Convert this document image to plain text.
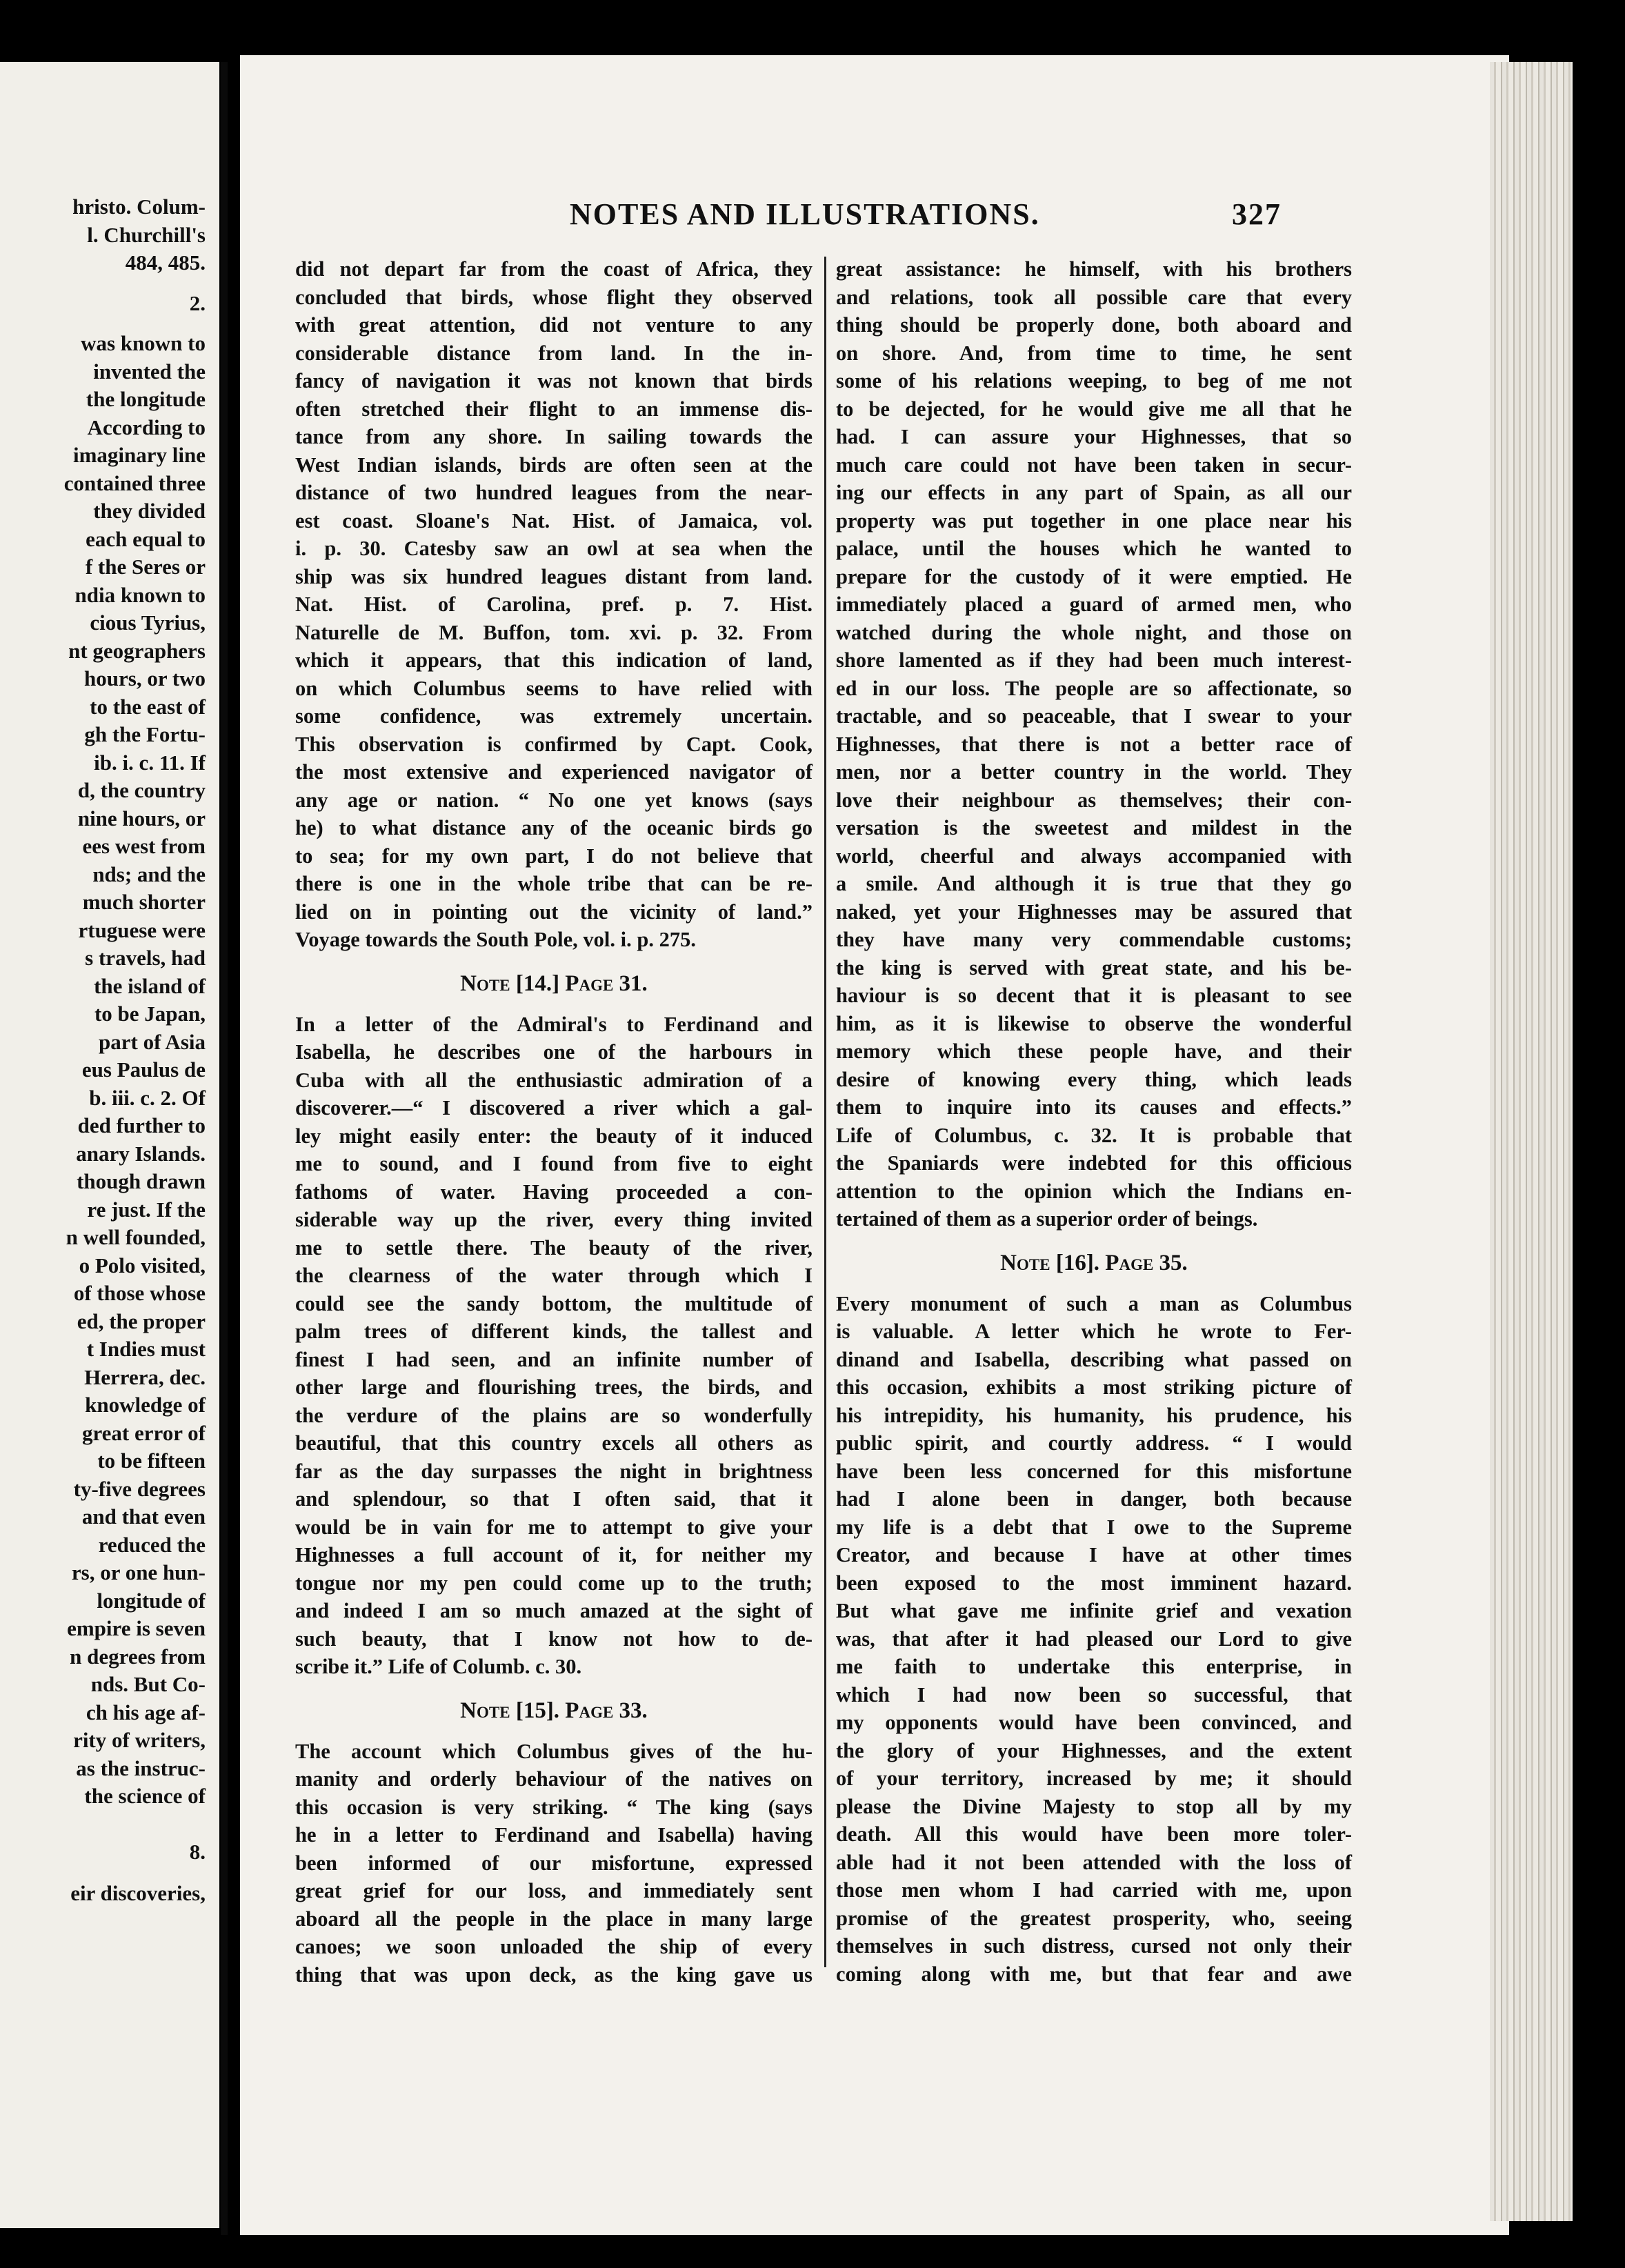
hristo. Colum-
l. Churchill's
484, 485.
2.
was known to
invented the
the longitude
According to
imaginary line
contained three
they divided
each equal to
f the Seres or
ndia known to
cious Tyrius,
nt geographers
hours, or two
to the east of
gh the Fortu-
ib. i. c. 11. If
d, the country
nine hours, or
ees west from
nds; and the
much shorter
rtuguese were
s travels, had
the island of
to be Japan,
part of Asia
eus Paulus de
b. iii. c. 2. Of
ded further to
anary Islands.
though drawn
re just. If the
n well founded,
o Polo visited,
of those whose
ed, the proper
t Indies must
Herrera, dec.
knowledge of
great error of
to be fifteen
ty-five degrees
and that even
reduced the
rs, or one hun-
longitude of
empire is seven
n degrees from
nds. But Co-
ch his age af-
rity of writers,
as the instruc-
the science of
8.
eir discoveries,
NOTES AND ILLUSTRATIONS.	327
did not depart far from the coast of Africa, they
concluded that birds, whose flight they observed
with great attention, did not venture to any
considerable distance from land. In the in-
fancy of navigation it was not known that birds
often stretched their flight to an immense dis-
tance from any shore. In sailing towards the
West Indian islands, birds are often seen at the
distance of two hundred leagues from the near-
est coast. Sloane's Nat. Hist. of Jamaica, vol.
i. p. 30. Catesby saw an owl at sea when the
ship was six hundred leagues distant from land.
Nat. Hist. of Carolina, pref. p. 7. Hist.
Naturelle de M. Buffon, tom. xvi. p. 32. From
which it appears, that this indication of land,
on which Columbus seems to have relied with
some confidence, was extremely uncertain.
This observation is confirmed by Capt. Cook,
the most extensive and experienced navigator of
any age or nation. “ No one yet knows (says
he) to what distance any of the oceanic birds go
to sea; for my own part, I do not believe that
there is one in the whole tribe that can be re-
lied on in pointing out the vicinity of land.”
Voyage towards the South Pole, vol. i. p. 275.
Note [14.] Page 31.
In a letter of the Admiral's to Ferdinand and
Isabella, he describes one of the harbours in
Cuba with all the enthusiastic admiration of a
discoverer.—“ I discovered a river which a gal-
ley might easily enter: the beauty of it induced
me to sound, and I found from five to eight
fathoms of water. Having proceeded a con-
siderable way up the river, every thing invited
me to settle there. The beauty of the river,
the clearness of the water through which I
could see the sandy bottom, the multitude of
palm trees of different kinds, the tallest and
finest I had seen, and an infinite number of
other large and flourishing trees, the birds, and
the verdure of the plains are so wonderfully
beautiful, that this country excels all others as
far as the day surpasses the night in brightness
and splendour, so that I often said, that it
would be in vain for me to attempt to give your
Highnesses a full account of it, for neither my
tongue nor my pen could come up to the truth;
and indeed I am so much amazed at the sight of
such beauty, that I know not how to de-
scribe it.” Life of Columb. c. 30.
Note [15]. Page 33.
The account which Columbus gives of the hu-
manity and orderly behaviour of the natives on
this occasion is very striking. “ The king (says
he in a letter to Ferdinand and Isabella) having
been informed of our misfortune, expressed
great grief for our loss, and immediately sent
aboard all the people in the place in many large
canoes; we soon unloaded the ship of every
thing that was upon deck, as the king gave us
great assistance: he himself, with his brothers
and relations, took all possible care that every
thing should be properly done, both aboard and
on shore. And, from time to time, he sent
some of his relations weeping, to beg of me not
to be dejected, for he would give me all that he
had. I can assure your Highnesses, that so
much care could not have been taken in secur-
ing our effects in any part of Spain, as all our
property was put together in one place near his
palace, until the houses which he wanted to
prepare for the custody of it were emptied. He
immediately placed a guard of armed men, who
watched during the whole night, and those on
shore lamented as if they had been much interest-
ed in our loss. The people are so affectionate, so
tractable, and so peaceable, that I swear to your
Highnesses, that there is not a better race of
men, nor a better country in the world. They
love their neighbour as themselves; their con-
versation is the sweetest and mildest in the
world, cheerful and always accompanied with
a smile. And although it is true that they go
naked, yet your Highnesses may be assured that
they have many very commendable customs;
the king is served with great state, and his be-
haviour is so decent that it is pleasant to see
him, as it is likewise to observe the wonderful
memory which these people have, and their
desire of knowing every thing, which leads
them to inquire into its causes and effects.”
Life of Columbus, c. 32. It is probable that
the Spaniards were indebted for this officious
attention to the opinion which the Indians en-
tertained of them as a superior order of beings.
Note [16]. Page 35.
Every monument of such a man as Columbus
is valuable. A letter which he wrote to Fer-
dinand and Isabella, describing what passed on
this occasion, exhibits a most striking picture of
his intrepidity, his humanity, his prudence, his
public spirit, and courtly address. “ I would
have been less concerned for this misfortune
had I alone been in danger, both because
my life is a debt that I owe to the Supreme
Creator, and because I have at other times
been exposed to the most imminent hazard.
But what gave me infinite grief and vexation
was, that after it had pleased our Lord to give
me faith to undertake this enterprise, in
which I had now been so successful, that
my opponents would have been convinced, and
the glory of your Highnesses, and the extent
of your territory, increased by me; it should
please the Divine Majesty to stop all by my
death. All this would have been more toler-
able had it not been attended with the loss of
those men whom I had carried with me, upon
promise of the greatest prosperity, who, seeing
themselves in such distress, cursed not only their
coming along with me, but that fear and awe
